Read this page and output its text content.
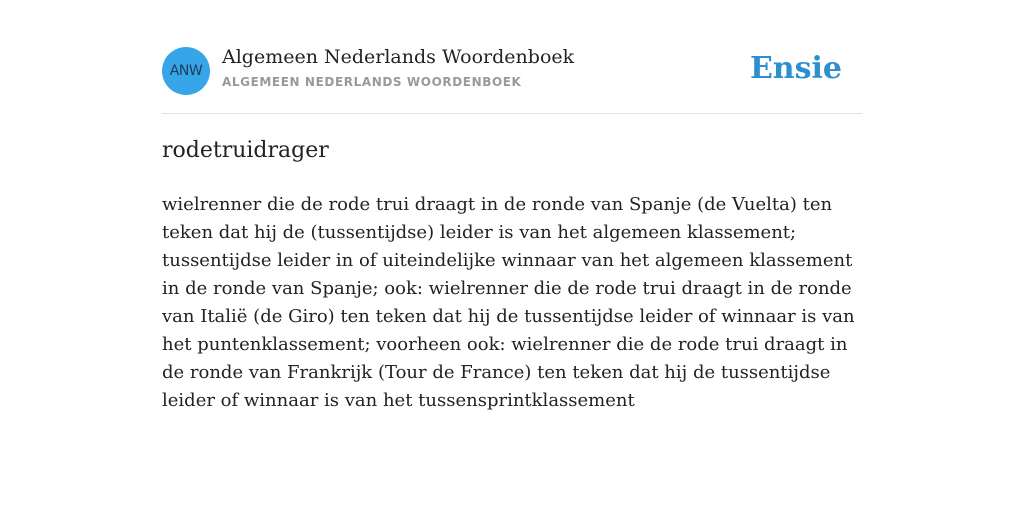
ANW
Algemeen Nederlands Woordenboek
ALGEMEEN NEDERLANDS WOORDENBOEK	Ensie
rodetruidrager

wielrenner die de rode trui draagt in de ronde van Spanje (de Vuelta) ten teken dat hij de (tussentijdse) leider is van het algemeen klassement; tussentijdse leider in of uiteindelijke winnaar van het algemeen klassement in de ronde van Spanje; ook: wielrenner die de rode trui draagt in de ronde van Italië (de Giro) ten teken dat hij de tussentijdse leider of winnaar is van het puntenklassement; voorheen ook: wielrenner die de rode trui draagt in de ronde van Frankrijk (Tour de France) ten teken dat hij de tussentijdse leider of winnaar is van het tussensprintklassement
